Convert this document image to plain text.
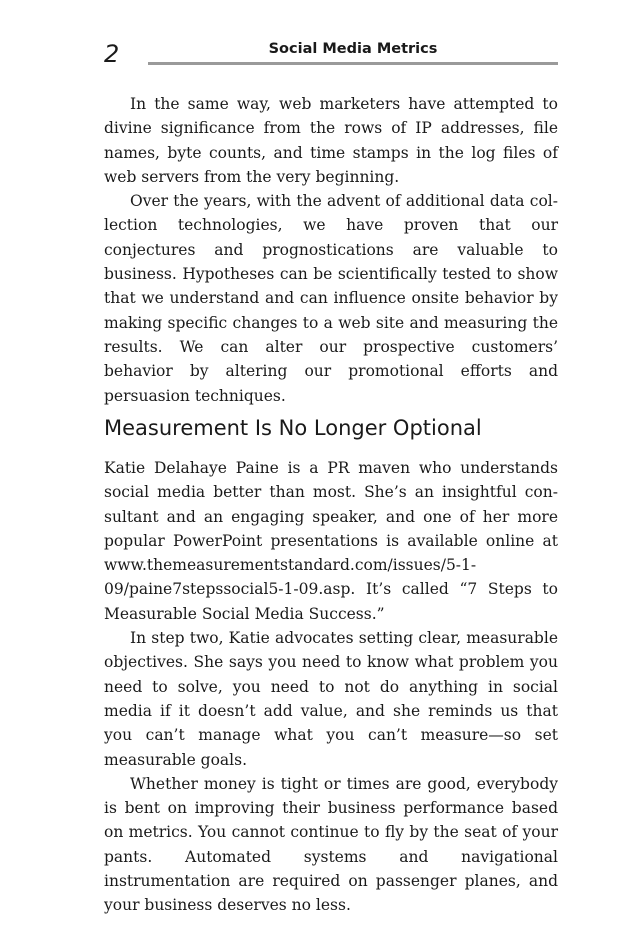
2	Social Media Metrics

In the same way, web marketers have attempted to divine significance from the rows of IP addresses, file names, byte counts, and time stamps in the log files of web servers from the very beginning.

Over the years, with the advent of additional data collection technologies, we have proven that our conjectures and prognostications are valuable to business. Hypotheses can be scientifically tested to show that we understand and can influence onsite behavior by making specific changes to a web site and measuring the results. We can alter our prospective customers’ behavior by altering our promotional efforts and persuasion techniques.

Measurement Is No Longer Optional

Katie Delahaye Paine is a PR maven who understands social media better than most. She’s an insightful consultant and an engaging speaker, and one of her more popular PowerPoint presentations is available online at www.themeasurementstandard.com/issues/5-1-09/paine7stepssocial5-1-09.asp. It’s called “7 Steps to Measurable Social Media Success.”

In step two, Katie advocates setting clear, measurable objectives. She says you need to know what problem you need to solve, you need to not do anything in social media if it doesn’t add value, and she reminds us that you can’t manage what you can’t measure—so set measurable goals.

Whether money is tight or times are good, everybody is bent on improving their business performance based on metrics. You cannot continue to fly by the seat of your pants. Automated systems and navigational instrumentation are required on passenger planes, and your business deserves no less.
